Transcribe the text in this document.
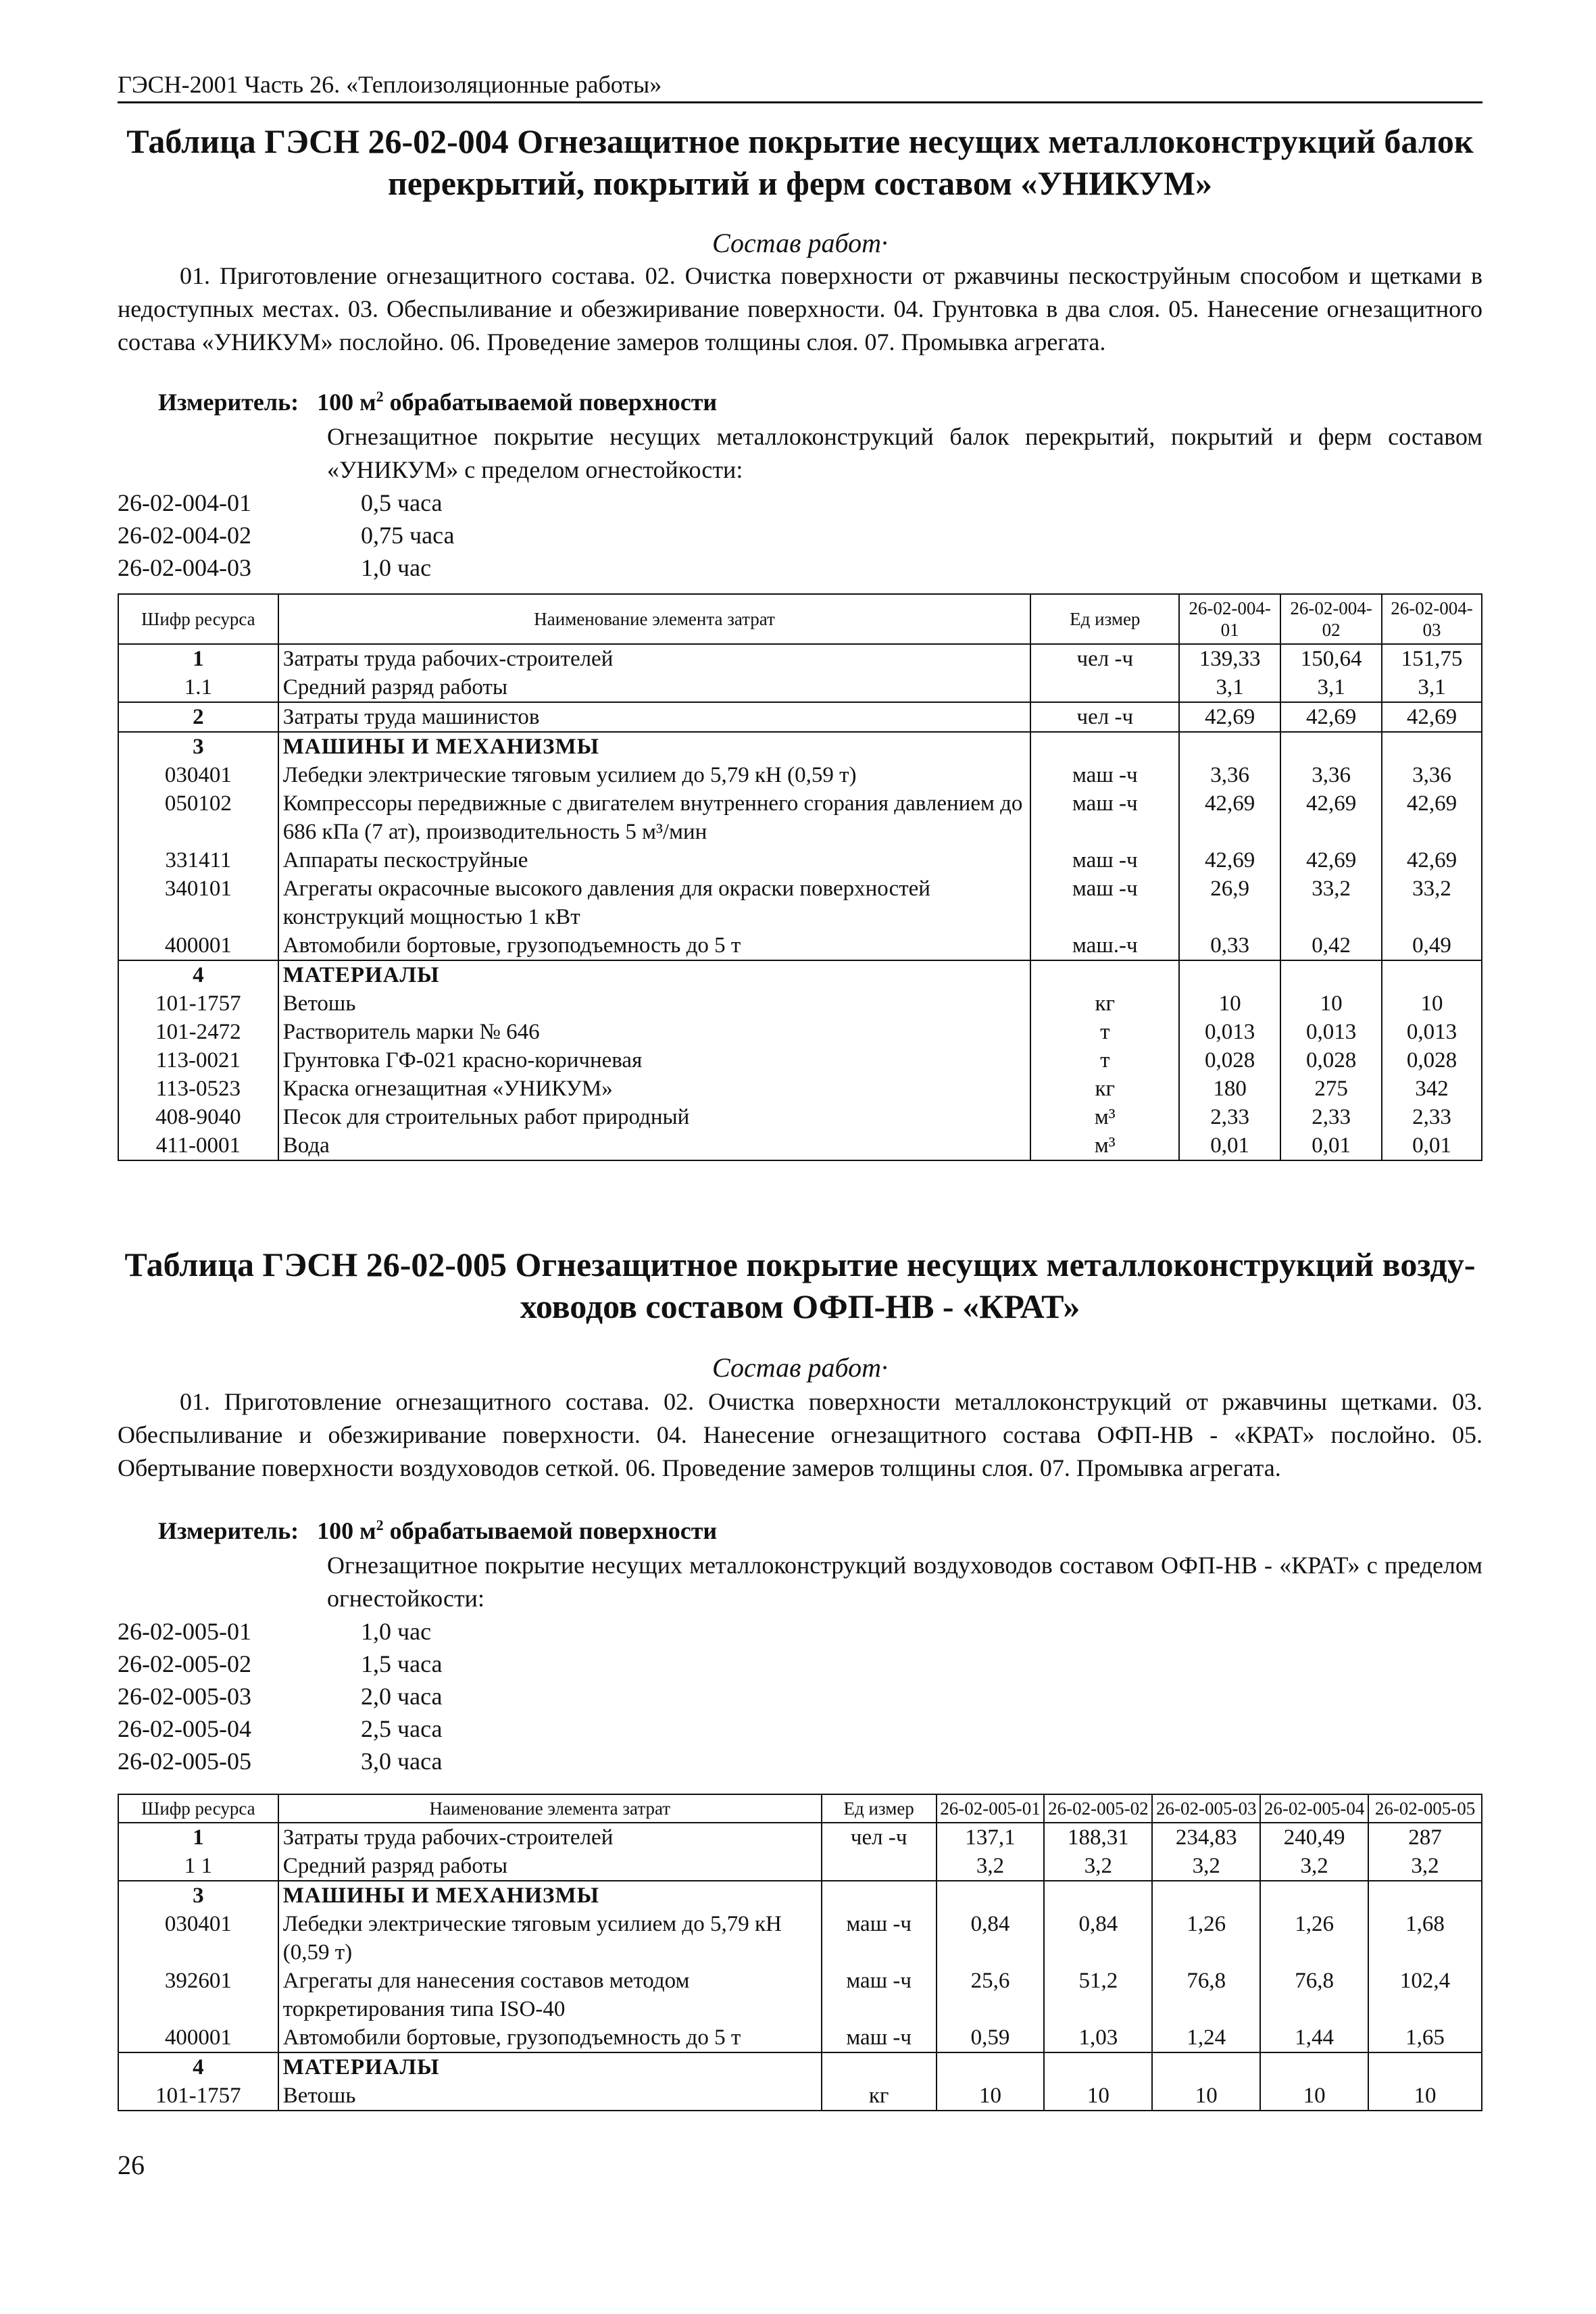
ГЭСН-2001 Часть 26. «Теплоизоляционные работы»
Таблица ГЭСН 26-02-004 Огнезащитное покрытие несущих металлоконструкций балок
перекрытий, покрытий и ферм составом «УНИКУМ»
Состав работ·
01. Приготовление огнезащитного состава. 02. Очистка поверхности от ржавчины пескоструйным способом и щетками в недоступных местах. 03. Обеспыливание и обезжиривание поверхности. 04. Грунтовка в два слоя. 05. Нанесение огнезащитного состава «УНИКУМ» послойно. 06. Проведение замеров толщины слоя. 07. Промывка агрегата.
Измеритель: 100 $м^2$ обрабатываемой поверхности
Огнезащитное покрытие несущих металлоконструкций балок перекрытий, покрытий и ферм составом «УНИКУМ» с пределом огнестойкости:
26-02-004-01	0,5 часа
26-02-004-02	0,75 часа
26-02-004-03	1,0 час
Шифр ресурса	Наименование элемента затрат	Ед измер	26-02-004-01	26-02-004-02	26-02-004-03
1	Затраты труда рабочих-строителей	чел -ч	139,33	150,64	151,75
1.1	Средний разряд работы		3,1	3,1	3,1
2	Затраты труда машинистов	чел -ч	42,69	42,69	42,69
3	МАШИНЫ И МЕХАНИЗМЫ				
030401	Лебедки электрические тяговым усилием до 5,79 кН (0,59 т)	маш -ч	3,36	3,36	3,36
050102	Компрессоры передвижные с двигателем внутреннего сгорания давлением до 686 кПа (7 ат), производительность 5 м³/мин	маш -ч	42,69	42,69	42,69
331411	Аппараты пескоструйные	маш -ч	42,69	42,69	42,69
340101	Агрегаты окрасочные высокого давления для окраски поверхностей конструкций мощностью 1 кВт	маш -ч	26,9	33,2	33,2
400001	Автомобили бортовые, грузоподъемность до 5 т	маш.-ч	0,33	0,42	0,49
4	МАТЕРИАЛЫ				
101-1757	Ветошь	кг	10	10	10
101-2472	Растворитель марки № 646	т	0,013	0,013	0,013
113-0021	Грунтовка ГФ-021 красно-коричневая	т	0,028	0,028	0,028
113-0523	Краска огнезащитная «УНИКУМ»	кг	180	275	342
408-9040	Песок для строительных работ природный	м³	2,33	2,33	2,33
411-0001	Вода	м³	0,01	0,01	0,01
Таблица ГЭСН 26-02-005 Огнезащитное покрытие несущих металлоконструкций возду-
ховодов составом ОФП-НВ - «КРАТ»
Состав работ·
01. Приготовление огнезащитного состава. 02. Очистка поверхности металлоконструкций от ржавчины щетками. 03. Обеспыливание и обезжиривание поверхности. 04. Нанесение огнезащитного состава ОФП-НВ - «КРАТ» послойно. 05. Обертывание поверхности воздуховодов сеткой. 06. Проведение замеров толщины слоя. 07. Промывка агрегата.
Измеритель: 100 $м^2$ обрабатываемой поверхности
Огнезащитное покрытие несущих металлоконструкций воздуховодов составом ОФП-НВ - «КРАТ» с пределом огнестойкости:
26-02-005-01	1,0 час
26-02-005-02	1,5 часа
26-02-005-03	2,0 часа
26-02-005-04	2,5 часа
26-02-005-05	3,0 часа
Шифр ресурса	Наименование элемента затрат	Ед измер	26-02-005-01	26-02-005-02	26-02-005-03	26-02-005-04	26-02-005-05
1	Затраты труда рабочих-строителей	чел -ч	137,1	188,31	234,83	240,49	287
1 1	Средний разряд работы		3,2	3,2	3,2	3,2	3,2
3	МАШИНЫ И МЕХАНИЗМЫ						
030401	Лебедки электрические тяговым усилием до 5,79 кН (0,59 т)	маш -ч	0,84	0,84	1,26	1,26	1,68
392601	Агрегаты для нанесения составов методом торкретирования типа ISO-40	маш -ч	25,6	51,2	76,8	76,8	102,4
400001	Автомобили бортовые, грузоподъемность до 5 т	маш -ч	0,59	1,03	1,24	1,44	1,65
4	МАТЕРИАЛЫ						
101-1757	Ветошь	кг	10	10	10	10	10
26
